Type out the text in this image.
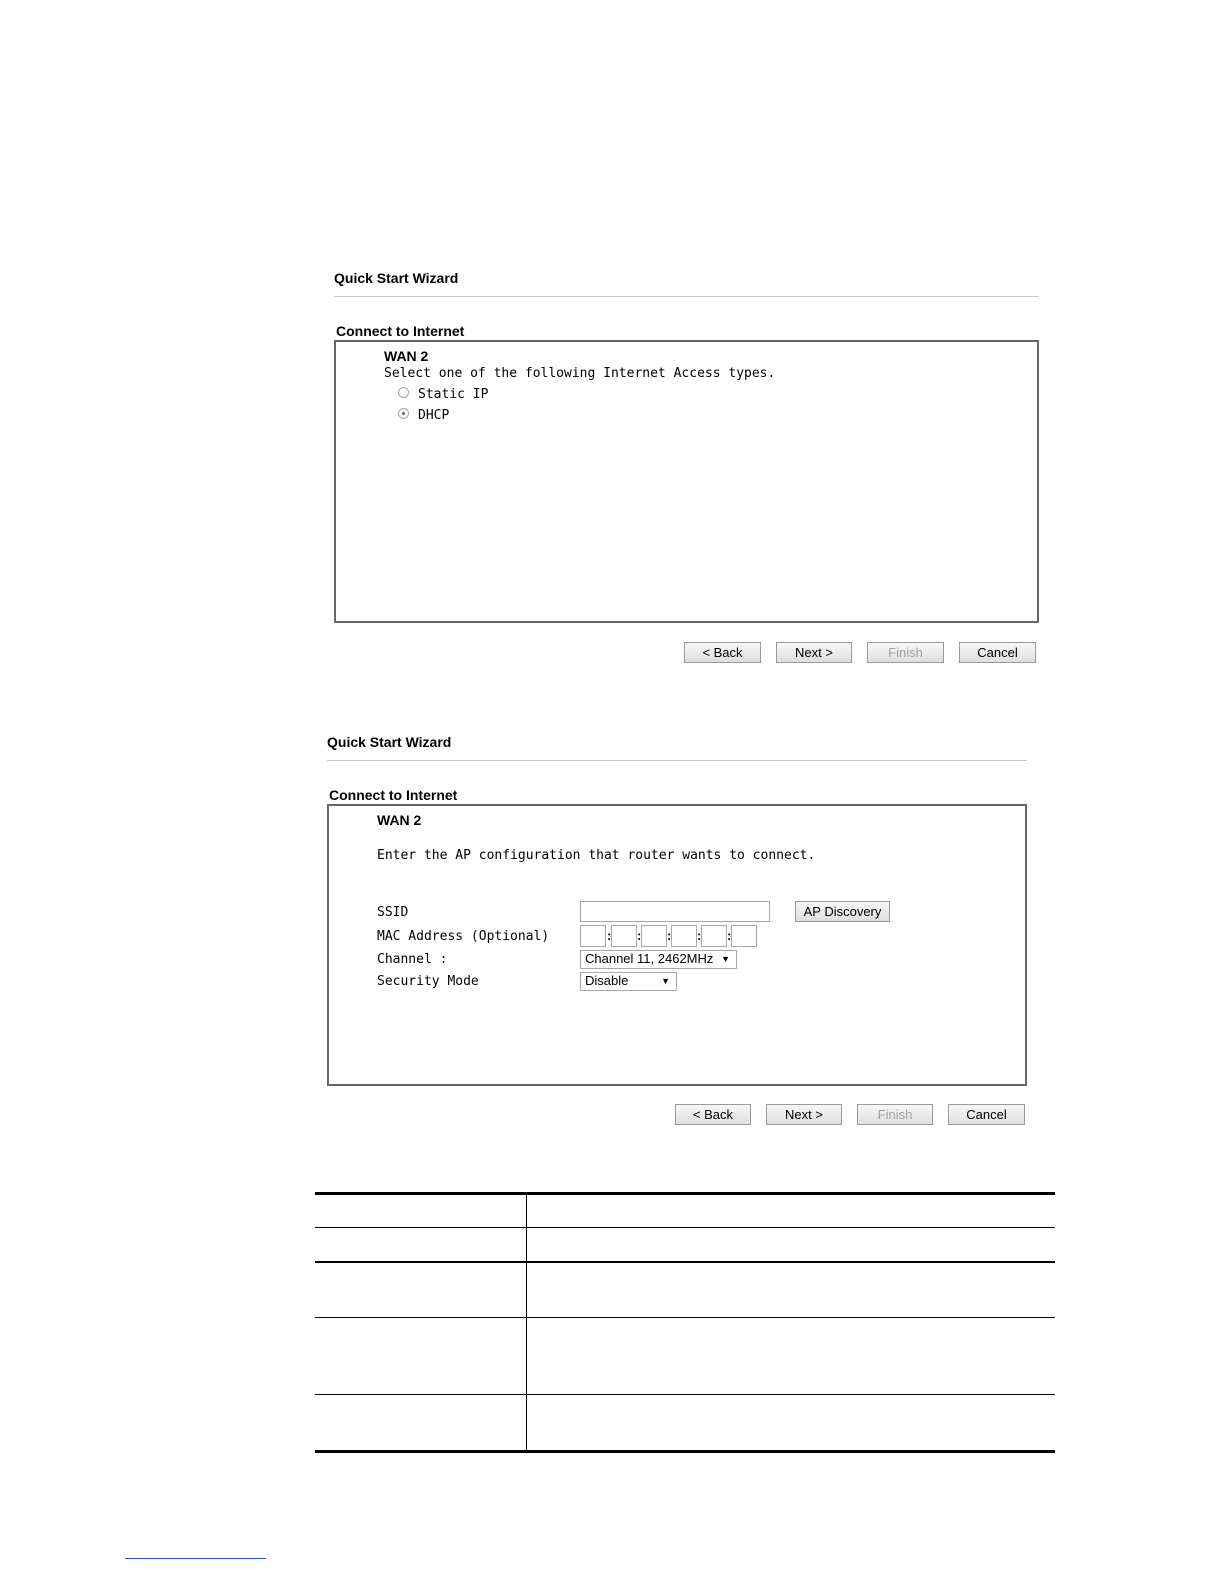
Quick Start Wizard
Connect to Internet
WAN 2
Select one of the following Internet Access types.
Static IP
DHCP
< Back	Next >	Finish	Cancel
Quick Start Wizard
Connect to Internet
WAN 2
Enter the AP configuration that router wants to connect.
SSID	AP Discovery
MAC Address (Optional)	: : : : :
Channel :	Channel 11, 2462MHz ▼
Security Mode	Disable	▼
< Back	Next >	Finish	Cancel
